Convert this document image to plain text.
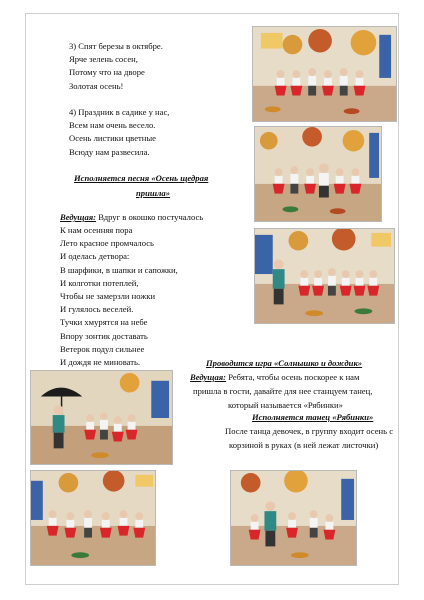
3) Спят березы в октябре.
Ярче зелень сосен,
Потому что на дворе
Золотая осень!
4) Праздник в садике у нас,
Всем нам очень весело.
Осень листики цветные
Всюду нам развесила.
Исполняется песня «Осень щедрая
пришла»
Ведущая: Вдруг в окошко постучалось
К нам осенняя пора
Лето красное промчалось
И оделась детвора:
В шарфики, в шапки и сапожки,
И колготки потеплей,
Чтобы не замерзли ножки
И гулялось веселей.
Тучки хмурятся на небе
Впору зонтик доставать
Ветерок подул сильнее
И дождя не миновать.	Проводится игра «Солнышко и дождик»
Ведущая: Ребята, чтобы осень поскорее к нам
пришла в гости, давайте для нее станцуем танец,
который называется «Рябинки»
Исполняется танец «Рябинки»
После танца девочек, в группу входит осень с
корзиной в руках (в ней лежат листочки)
